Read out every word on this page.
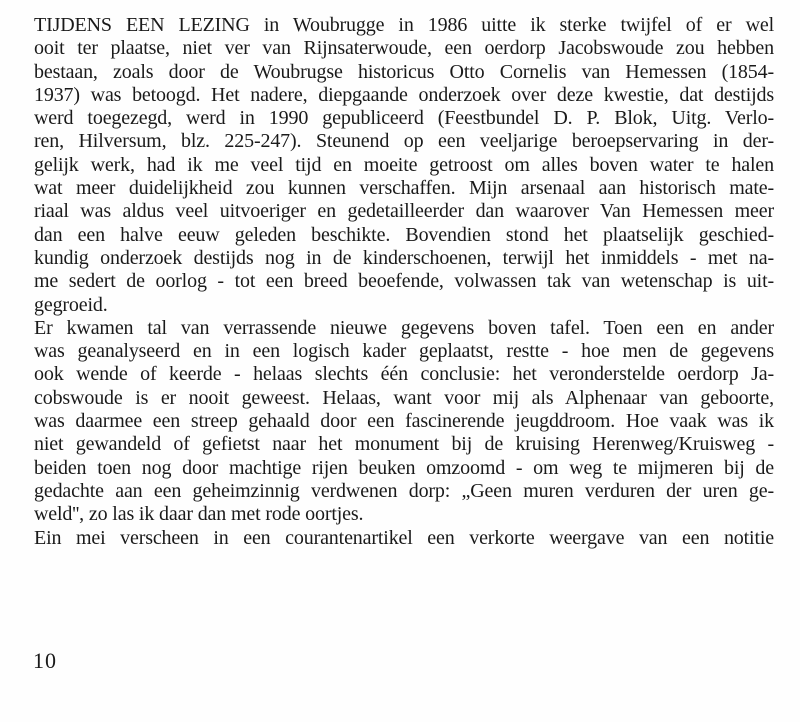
TIJDENS EEN LEZING in Woubrugge in 1986 uitte ik sterke twijfel of er wel
ooit ter plaatse, niet ver van Rijnsaterwoude, een oerdorp Jacobswoude zou hebben
bestaan, zoals door de Woubrugse historicus Otto Cornelis van Hemessen (1854-
1937) was betoogd. Het nadere, diepgaande onderzoek over deze kwestie, dat destijds
werd toegezegd, werd in 1990 gepubliceerd (Feestbundel D. P. Blok, Uitg. Verlo-
ren, Hilversum, blz. 225-247). Steunend op een veeljarige beroepservaring in der-
gelijk werk, had ik me veel tijd en moeite getroost om alles boven water te halen
wat meer duidelijkheid zou kunnen verschaffen. Mijn arsenaal aan historisch mate-
riaal was aldus veel uitvoeriger en gedetailleerder dan waarover Van Hemessen meer
dan een halve eeuw geleden beschikte. Bovendien stond het plaatselijk geschied-
kundig onderzoek destijds nog in de kinderschoenen, terwijl het inmiddels - met na-
me sedert de oorlog - tot een breed beoefende, volwassen tak van wetenschap is uit-
gegroeid.
Er kwamen tal van verrassende nieuwe gegevens boven tafel. Toen een en ander
was geanalyseerd en in een logisch kader geplaatst, restte - hoe men de gegevens
ook wende of keerde - helaas slechts één conclusie: het veronderstelde oerdorp Ja-
cobswoude is er nooit geweest. Helaas, want voor mij als Alphenaar van geboorte,
was daarmee een streep gehaald door een fascinerende jeugddroom. Hoe vaak was ik
niet gewandeld of gefietst naar het monument bij de kruising Herenweg/Kruisweg -
beiden toen nog door machtige rijen beuken omzoomd - om weg te mijmeren bij de
gedachte aan een geheimzinnig verdwenen dorp: „Geen muren verduren der uren ge-
weld'', zo las ik daar dan met rode oortjes.
Ein mei verscheen in een courantenartikel een verkorte weergave van een notitie
10
